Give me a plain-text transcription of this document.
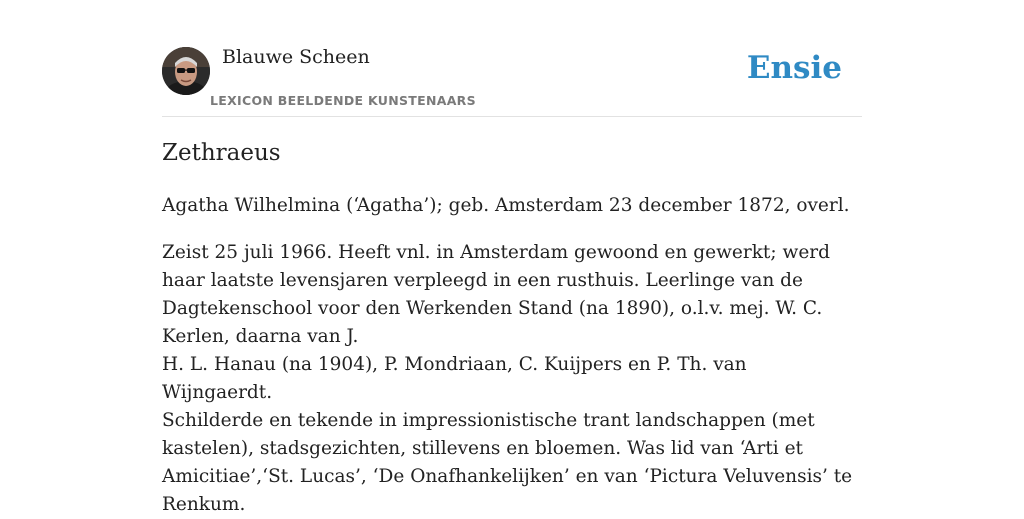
Blauwe Scheen
LEXICON BEELDENDE KUNSTENAARS
Ensie
Zethraeus

Agatha Wilhelmina (‘Agatha’); geb. Amsterdam 23 december 1872, overl.

Zeist 25 juli 1966. Heeft vnl. in Amsterdam gewoond en gewerkt; werd haar laatste levensjaren verpleegd in een rusthuis. Leerlinge van de Dagtekenschool voor den Werkenden Stand (na 1890), o.l.v. mej. W. C. Kerlen, daarna van J.

H. L. Hanau (na 1904), P. Mondriaan, C. Kuijpers en P. Th. van Wijngaerdt.

Schilderde en tekende in impressionistische trant landschappen (met kastelen), stadsgezichten, stillevens en bloemen. Was lid van ‘Arti et Amicitiae’,‘St. Lucas’, ‘De Onafhankelijken’ en van ‘Pictura Veluvensis’ te Renkum.
